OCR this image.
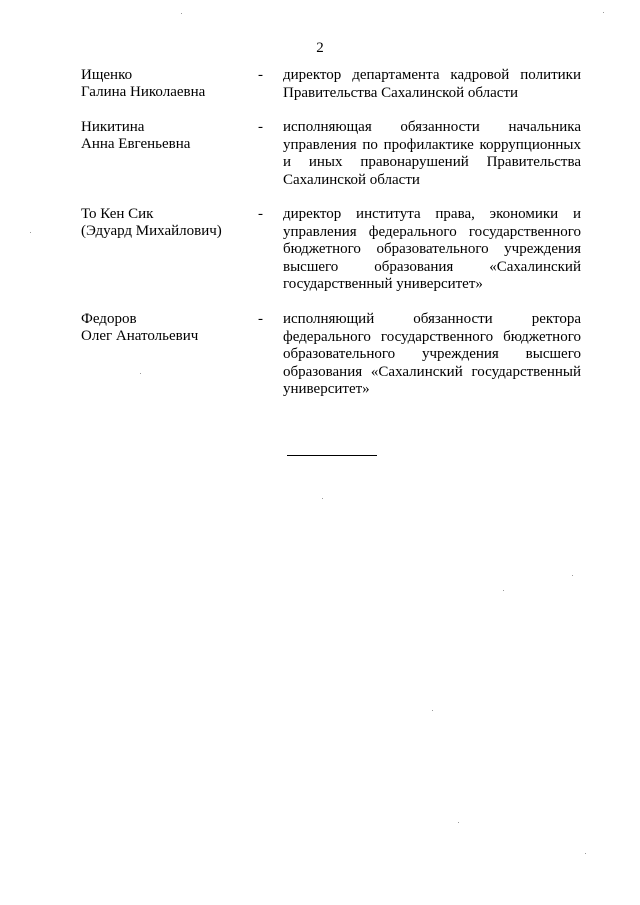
2
Ищенко
Галина Николаевна
- директор департамента кадровой политики
Правительства Сахалинской области
Никитина
Анна Евгеньевна
- исполняющая обязанности начальника
управления по профилактике коррупционных
и иных правонарушений Правительства
Сахалинской области
То Кен Сик
(Эдуард Михайлович)
- директор института права, экономики и
управления федерального государственного
бюджетного образовательного учреждения
высшего образования «Сахалинский
государственный университет»
Федоров
Олег Анатольевич
- исполняющий обязанности ректора
федерального государственного бюджетного
образовательного учреждения высшего
образования «Сахалинский государственный
университет»
